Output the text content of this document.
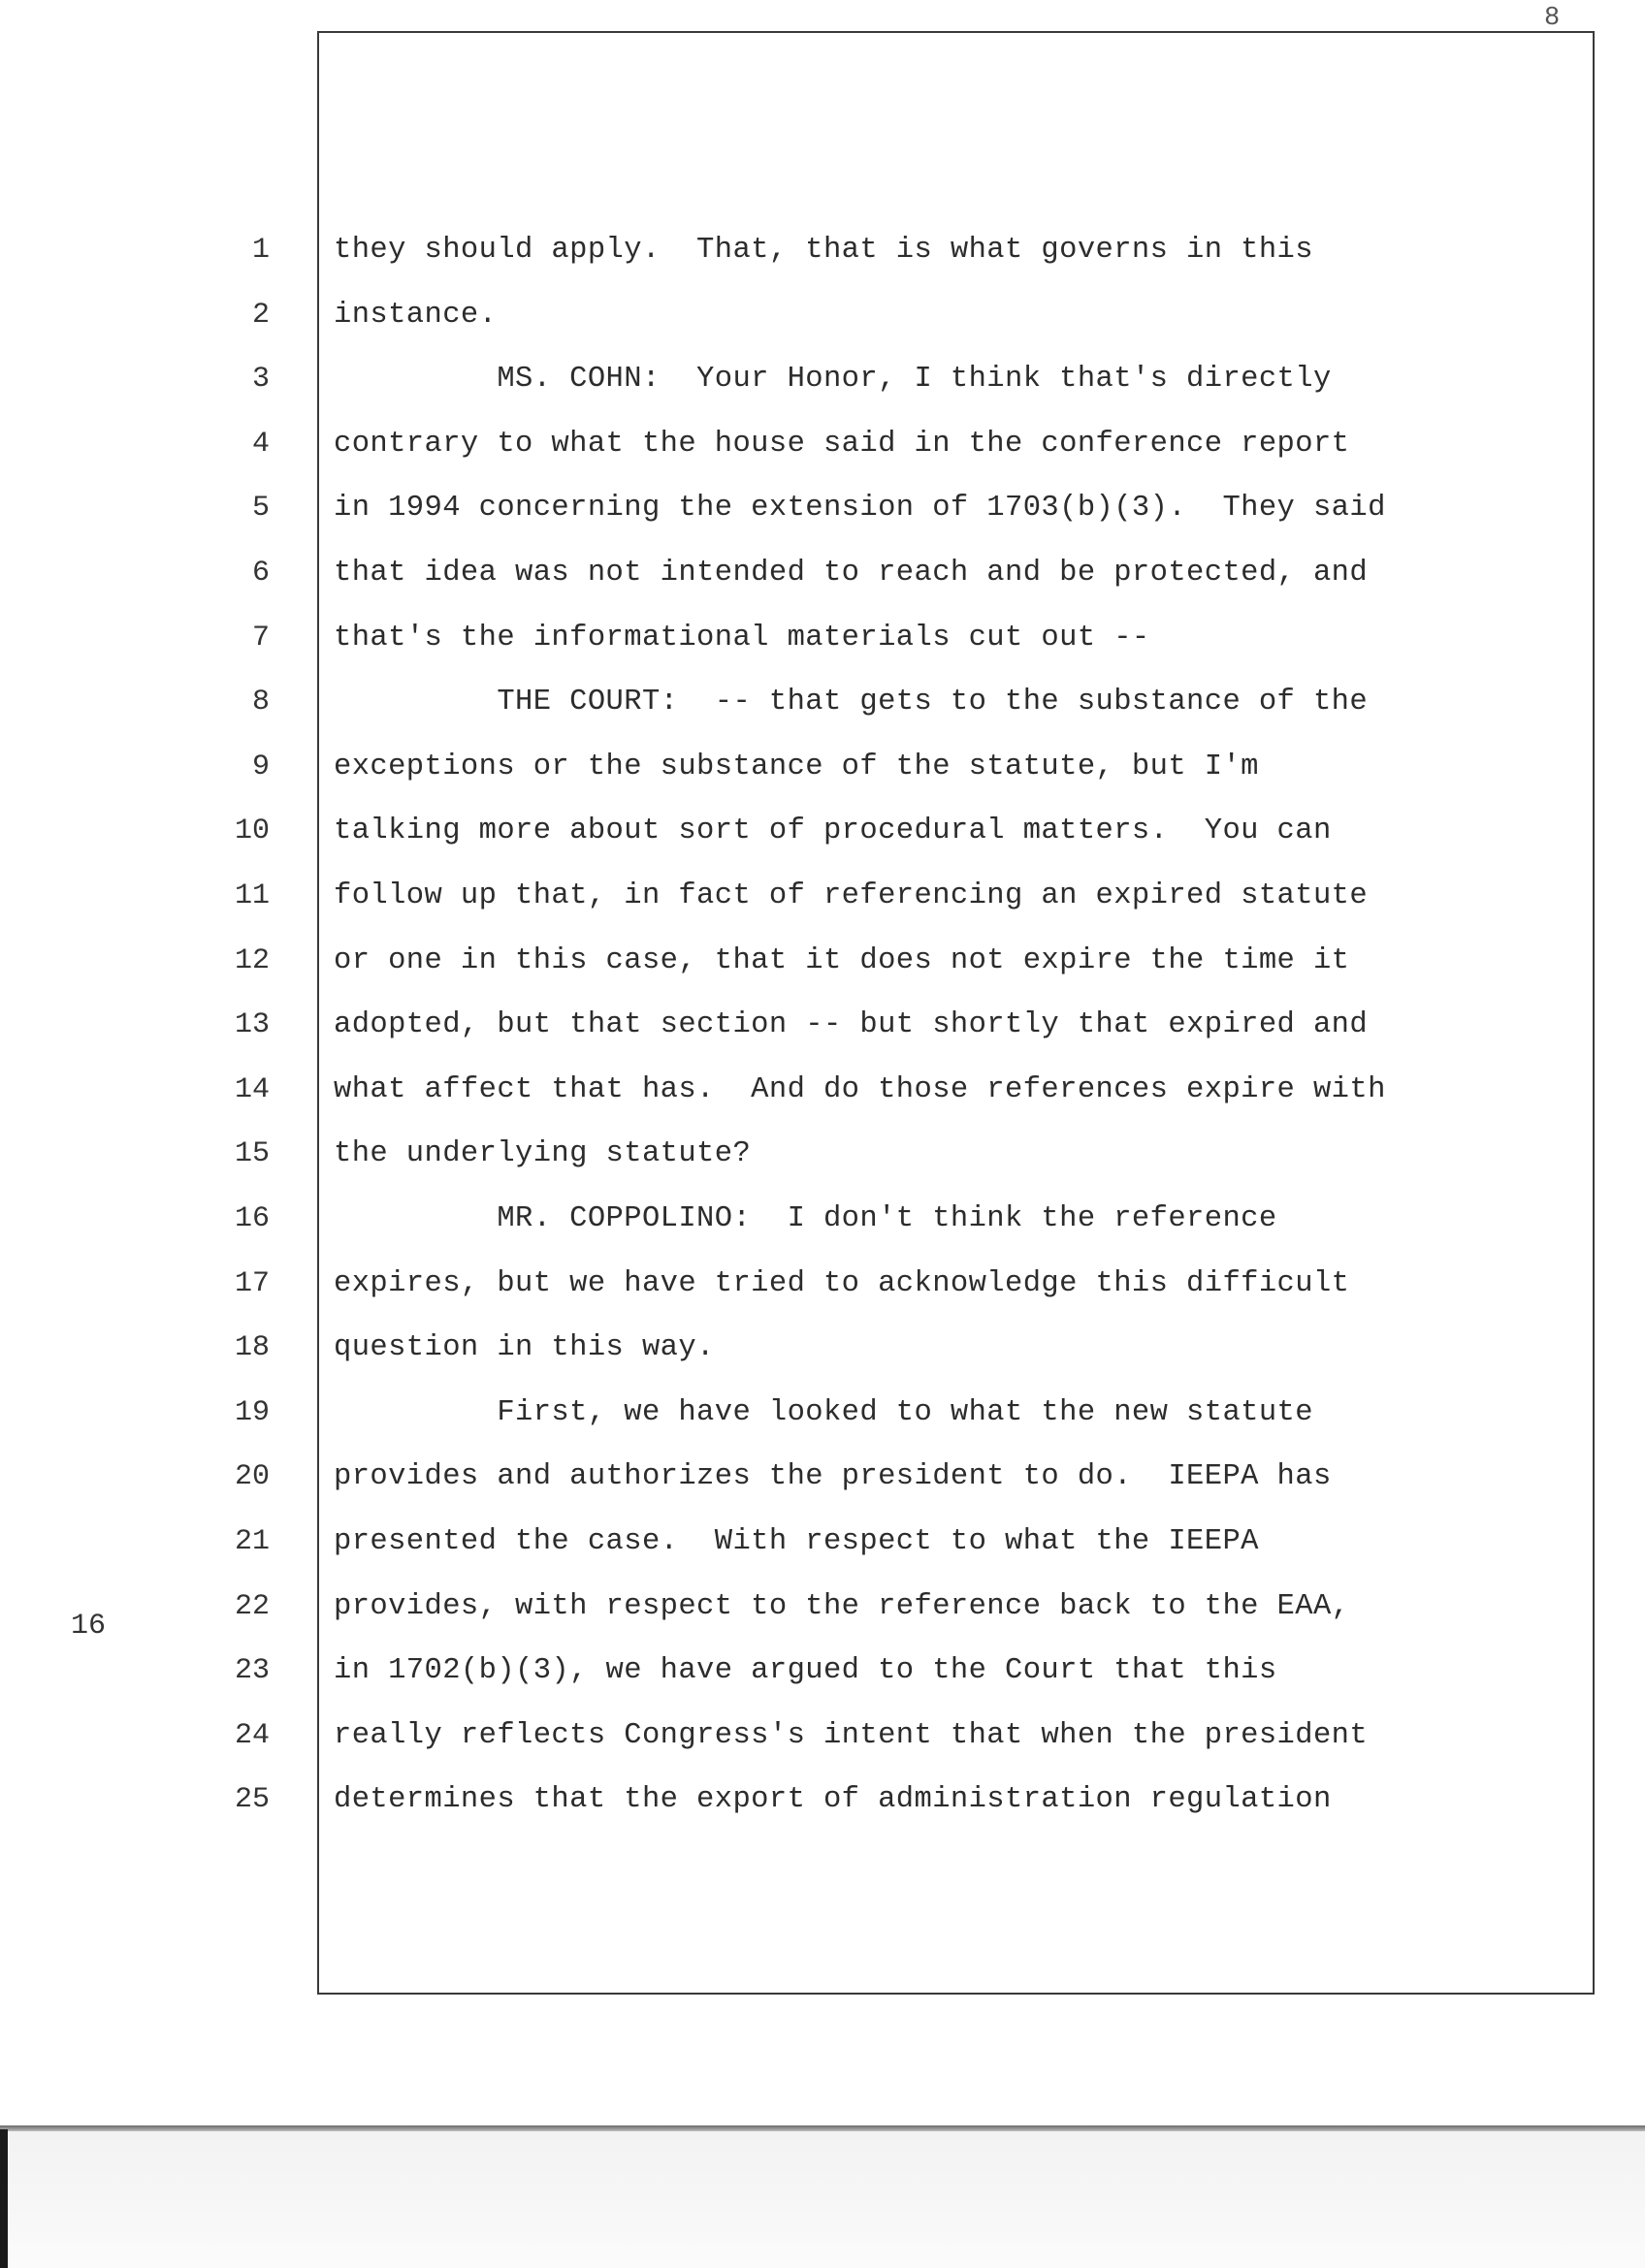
8
1 they should apply.  That, that is what governs in this
2 instance.
3 MS. COHN:  Your Honor, I think that's directly
4 contrary to what the house said in the conference report
5 in 1994 concerning the extension of 1703(b)(3).  They said
6 that idea was not intended to reach and be protected, and
7 that's the informational materials cut out --
8 THE COURT:  -- that gets to the substance of the
9 exceptions or the substance of the statute, but I'm
10 talking more about sort of procedural matters.  You can
11 follow up that, in fact of referencing an expired statute
12 or one in this case, that it does not expire the time it
13 adopted, but that section -- but shortly that expired and
14 what affect that has.  And do those references expire with
15 the underlying statute?
16 MR. COPPOLINO:  I don't think the reference
17 expires, but we have tried to acknowledge this difficult
18 question in this way.
19 First, we have looked to what the new statute
20 provides and authorizes the president to do.  IEEPA has
21 presented the case.  With respect to what the IEEPA
22 provides, with respect to the reference back to the EAA,
23 in 1702(b)(3), we have argued to the Court that this
24 really reflects Congress's intent that when the president
25 determines that the export of administration regulation
16
